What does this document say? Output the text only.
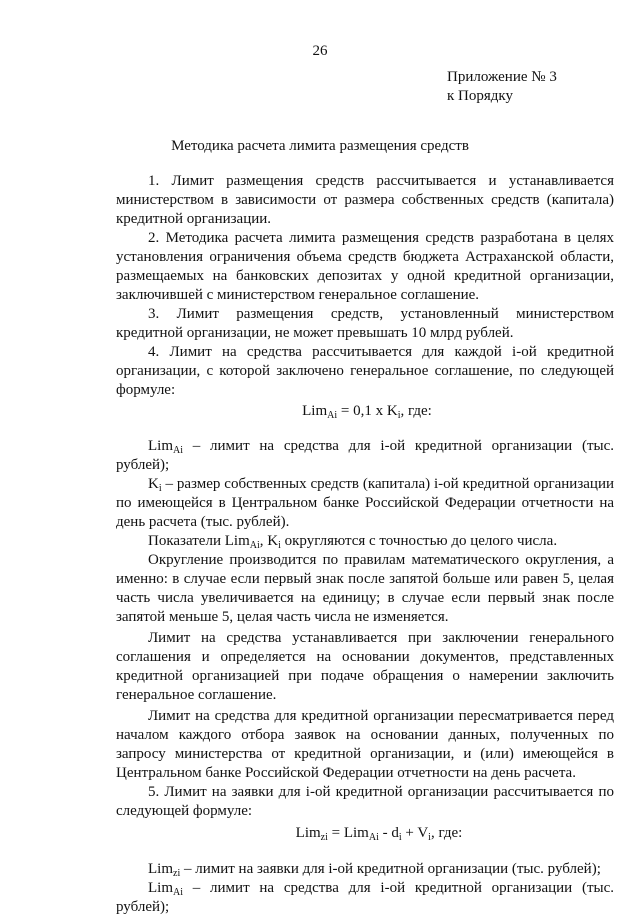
26
Приложение № 3
к Порядку
Методика расчета лимита размещения средств

1. Лимит размещения средств рассчитывается и устанавливается министерством в зависимости от размера собственных средств (капитала) кредитной организации.

2. Методика расчета лимита размещения средств разработана в целях установления ограничения объема средств бюджета Астраханской области, размещаемых на банковских депозитах у одной кредитной организации, заключившей с министерством генеральное соглашение.

3. Лимит размещения средств, установленный министерством кредитной организации, не может превышать 10 млрд рублей.

4. Лимит на средства рассчитывается для каждой i-ой кредитной организации, с которой заключено генеральное соглашение, по следующей формуле:

Lim$_{Ai}$ = 0,1 x $K_i$, где:

Lim$_{Ai}$ – лимит на средства для i-ой кредитной организации (тыс. рублей);

$K_i$ – размер собственных средств (капитала) i-ой кредитной организации по имеющейся в Центральном банке Российской Федерации отчетности на день расчета (тыс. рублей).

Показатели Lim$_{Ai}$, $K_i$ округляются с точностью до целого числа.

Округление производится по правилам математического округления, а именно: в случае если первый знак после запятой больше или равен 5, целая часть числа увеличивается на единицу; в случае если первый знак после запятой меньше 5, целая часть числа не изменяется.

Лимит на средства устанавливается при заключении генерального соглашения и определяется на основании документов, представленных кредитной организацией при подаче обращения о намерении заключить генеральное соглашение.

Лимит на средства для кредитной организации пересматривается перед началом каждого отбора заявок на основании данных, полученных по запросу министерства от кредитной организации, и (или) имеющейся в Центральном банке Российской Федерации отчетности на день расчета.

5. Лимит на заявки для i-ой кредитной организации рассчитывается по следующей формуле:

$Lim_{zi} = Lim_{Ai} - d_i + V_i$, где:

Lim$_{zi}$ – лимит на заявки для i-ой кредитной организации (тыс. рублей);

Lim$_{Ai}$ – лимит на средства для i-ой кредитной организации (тыс. рублей);
